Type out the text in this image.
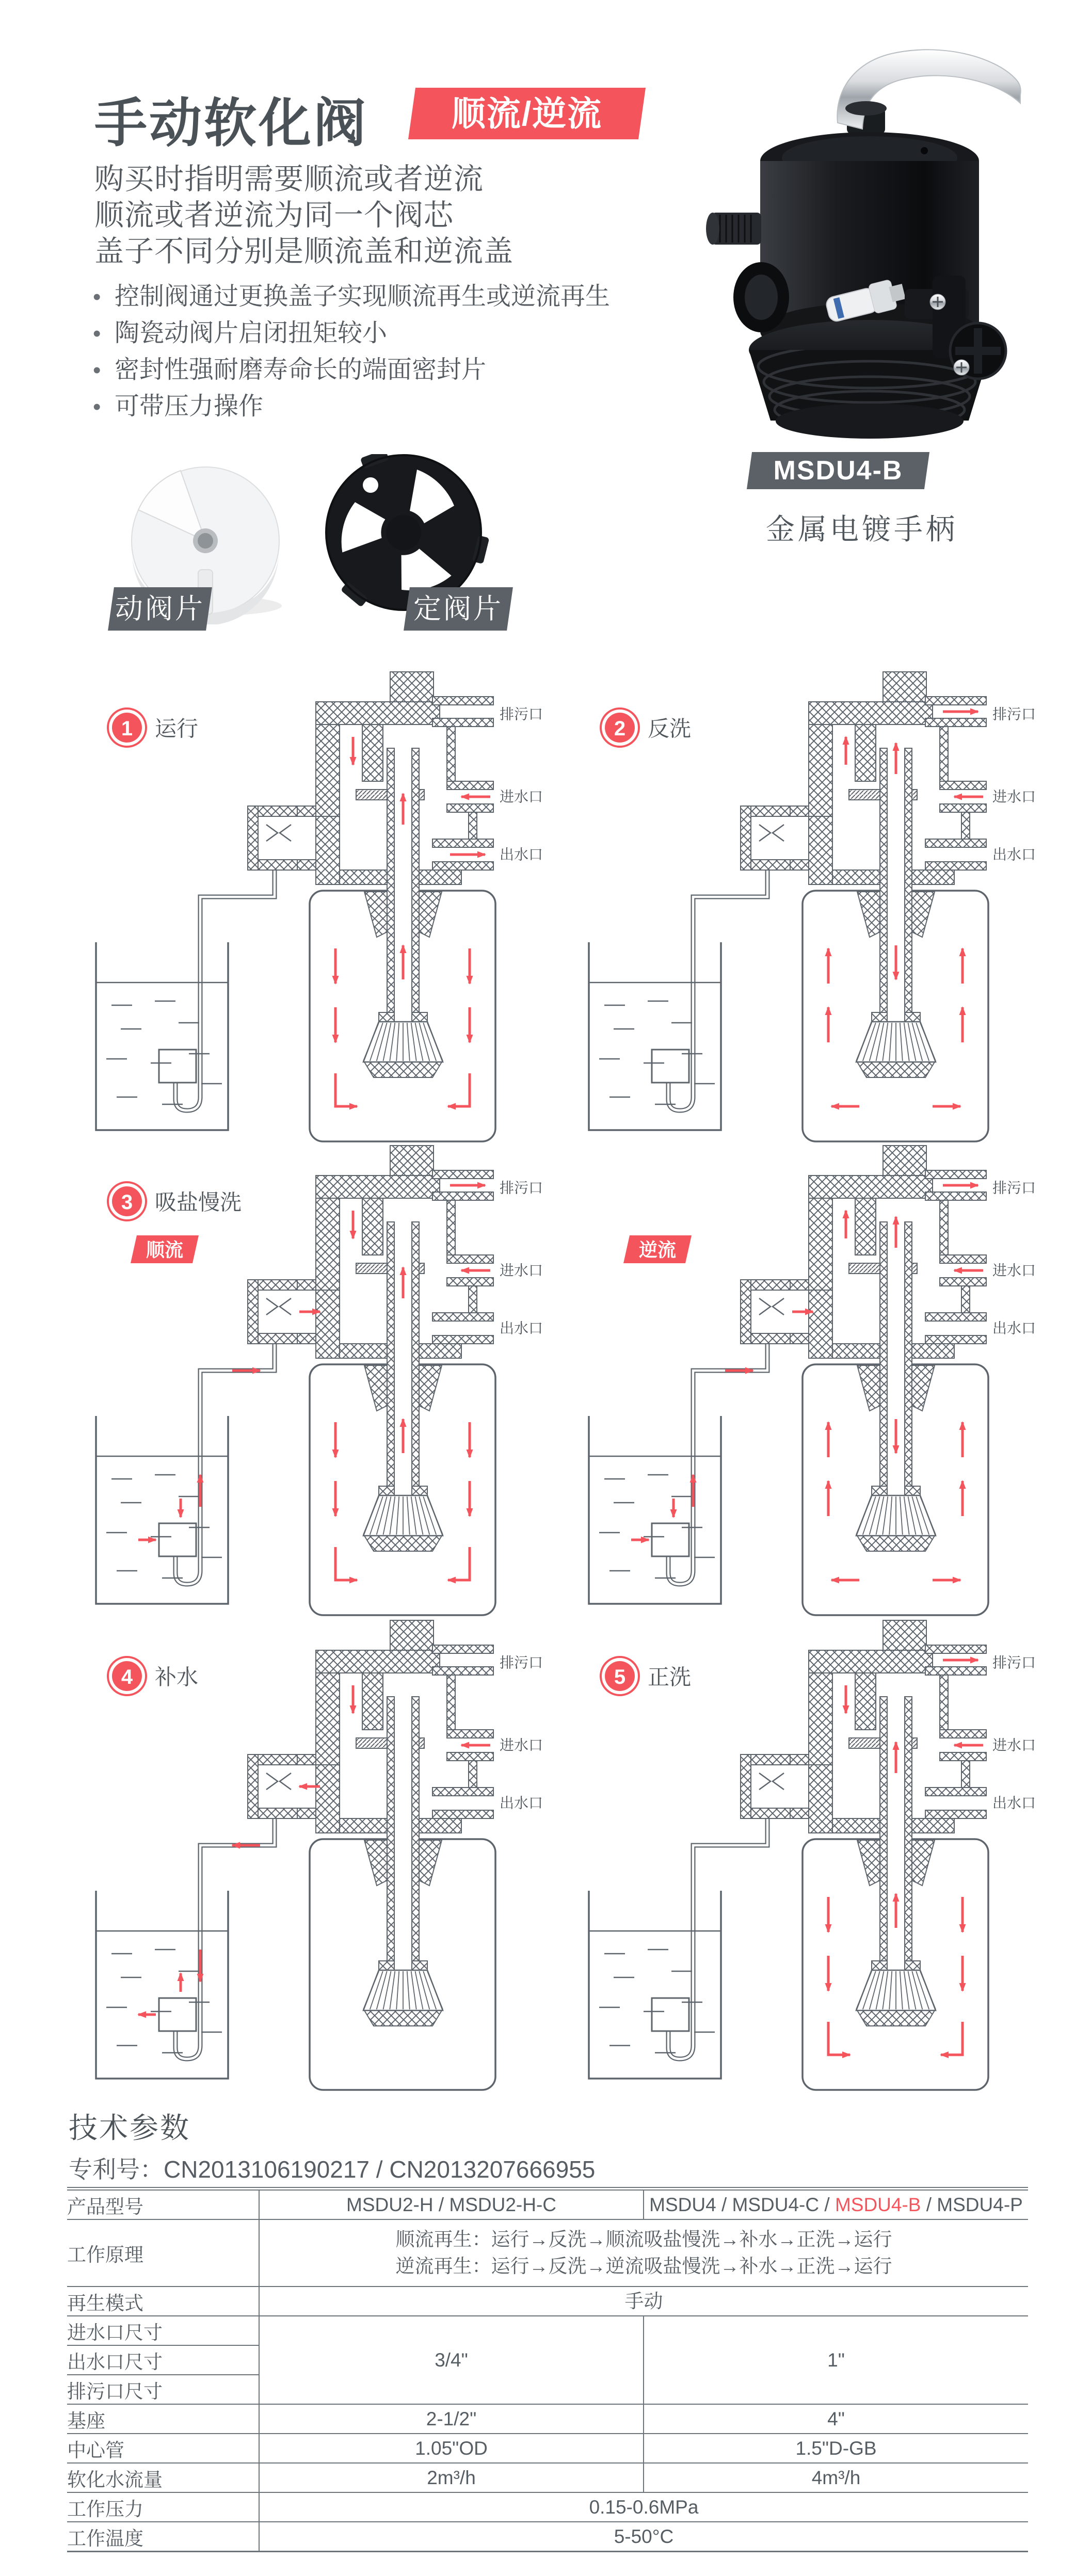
手动软化阀	顺流/逆流
购买时指明需要顺流或者逆流
顺流或者逆流为同一个阀芯
盖子不同分别是顺流盖和逆流盖
• 控制阀通过更换盖子实现顺流再生或逆流再生
• 陶瓷动阀片启闭扭矩较小
• 密封性强耐磨寿命长的端面密封片
• 可带压力操作
MSDU4-B
金属电镀手柄
动阀片	定阀片
排污口
进水口
出水口
1 运行
排污口
进水口
出水口
2 反洗
排污口
进水口
出水口
3 吸盐慢洗
顺流
排污口
进水口
出水口
逆流
排污口
进水口
出水口
4 补水
排污口
进水口
出水口
5 正洗
技术参数
专利号：CN2013106190217 / CN2013207666955
产品型号	MSDU2-H / MSDU2-H-C	MSDU4 / MSDU4-C / MSDU4-B / MSDU4-P
工作原理	顺流再生：运行→反洗→顺流吸盐慢洗→补水→正洗→运行
逆流再生：运行→反洗→逆流吸盐慢洗→补水→正洗→运行	

再生模式	手动	

进水口尺寸	3/4"	1"
出水口尺寸		
排污口尺寸		
基座	2-1/2"	4"
中心管	1.05"OD	1.5"D-GB
软化水流量	2m³/h	4m³/h
工作压力	0.15-0.6MPa	

工作温度	5-50°C	
